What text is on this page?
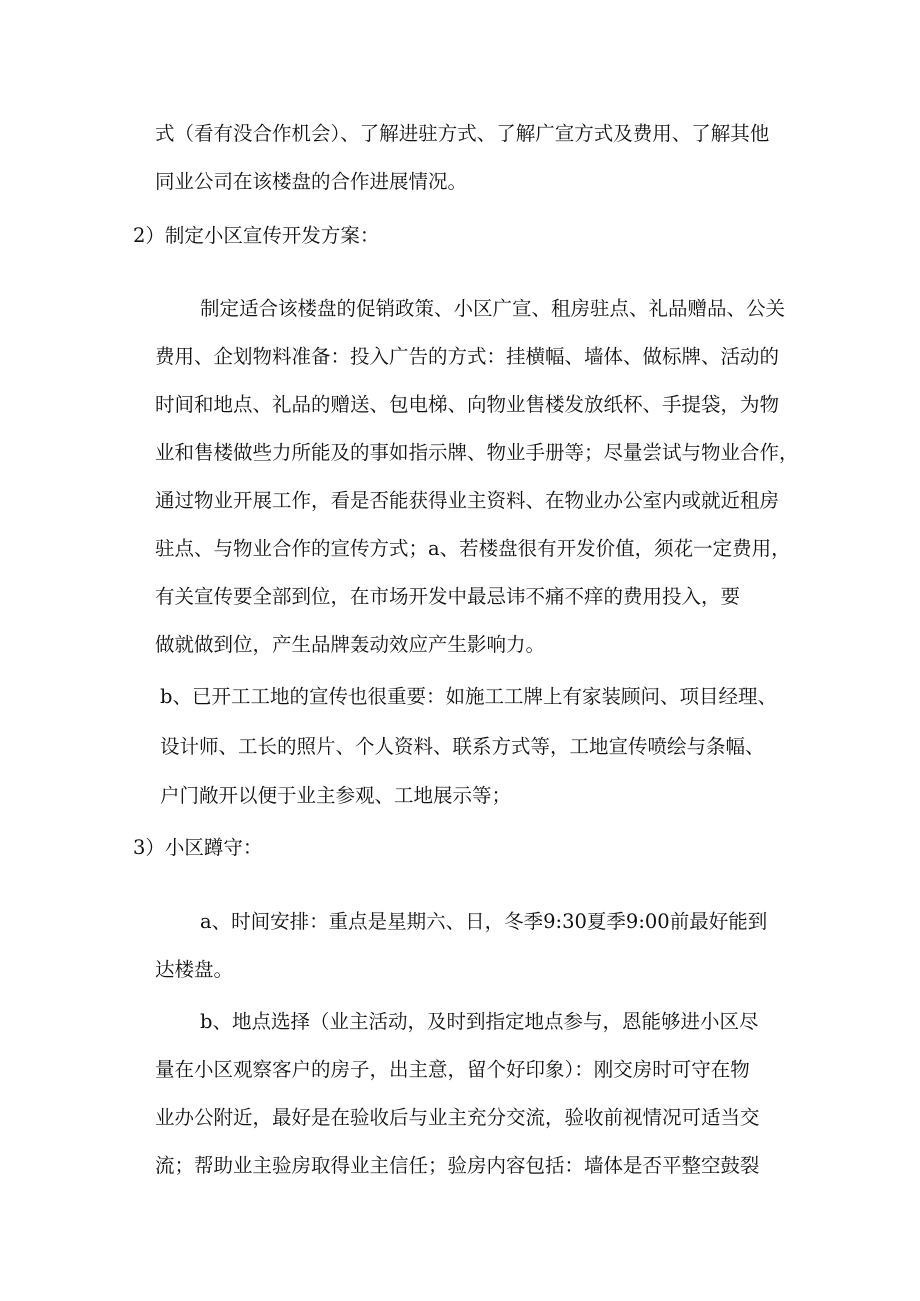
式（看有没合作机会）、了解进驻方式、了解广宣方式及费用、了解其他
同业公司在该楼盘的合作进展情况。
2）制定小区宣传开发方案：
制定适合该楼盘的促销政策、小区广宣、租房驻点、礼品赠品、公关
费用、企划物料准备：投入广告的方式：挂横幅、墙体、做标牌、活动的
时间和地点、礼品的赠送、包电梯、向物业售楼发放纸杯、手提袋，为物
业和售楼做些力所能及的事如指示牌、物业手册等；尽量尝试与物业合作，
通过物业开展工作，看是否能获得业主资料、在物业办公室内或就近租房
驻点、与物业合作的宣传方式；a、若楼盘很有开发价值，须花一定费用，
有关宣传要全部到位，在市场开发中最忌讳不痛不痒的费用投入，要
做就做到位，产生品牌轰动效应产生影响力。
b、已开工工地的宣传也很重要：如施工工牌上有家装顾问、项目经理、
设计师、工长的照片、个人资料、联系方式等，工地宣传喷绘与条幅、
户门敞开以便于业主参观、工地展示等；
3）小区蹲守：
a、时间安排：重点是星期六、日，冬季9:30夏季9:00前最好能到
达楼盘。
b、地点选择（业主活动，及时到指定地点参与，恩能够进小区尽
量在小区观察客户的房子，出主意，留个好印象）：刚交房时可守在物
业办公附近，最好是在验收后与业主充分交流，验收前视情况可适当交
流；帮助业主验房取得业主信任；验房内容包括：墙体是否平整空鼓裂
